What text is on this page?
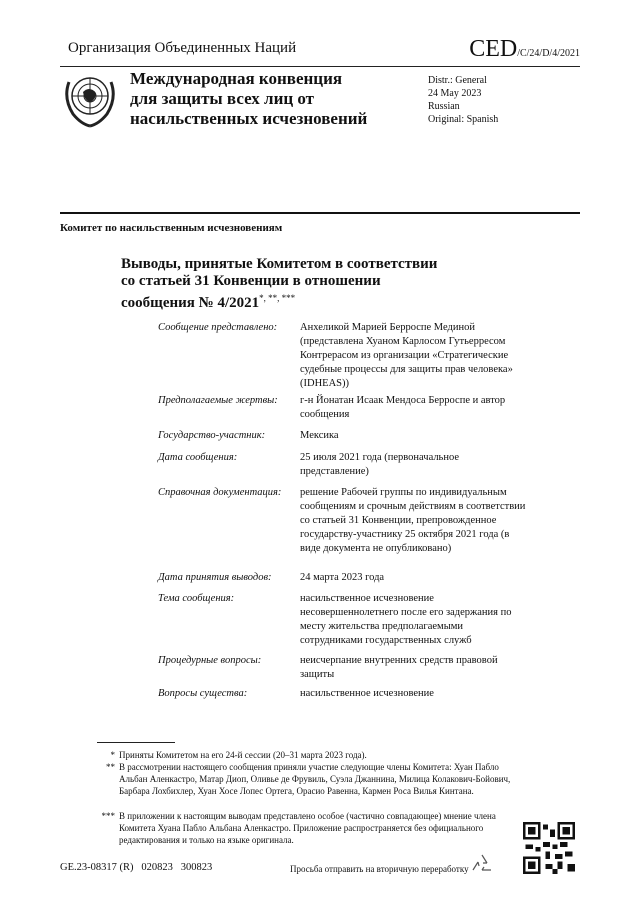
Организация Объединенных Наций	CED/C/24/D/4/2021
Международная конвенция
для защиты всех лиц от
насильственных исчезновений
Distr.: General
24 May 2023
Russian
Original: Spanish
Комитет по насильственным исчезновениям
Выводы, принятые Комитетом в соответствии
со статьей 31 Конвенции в отношении
сообщения № 4/2021*, **, ***
Сообщение представлено:	Анхеликой Марией Берроспе Мединой (представлена Хуаном Карлосом Гутьерресом Контрерасом из организации «Стратегические судебные процессы для защиты прав человека» (IDHEAS))
Предполагаемые жертвы:	г-н Йонатан Исаак Мендоса Берроспе и автор сообщения
Государство-участник:	Мексика
Дата сообщения:	25 июля 2021 года (первоначальное представление)
Справочная документация:	решение Рабочей группы по индивидуальным сообщениям и срочным действиям в соответствии со статьей 31 Конвенции, препровожденное государству-участнику 25 октября 2021 года (в виде документа не опубликовано)
Дата принятия выводов:	24 марта 2023 года
Тема сообщения:	насильственное исчезновение несовершеннолетнего после его задержания по месту жительства предполагаемыми сотрудниками государственных служб
Процедурные вопросы:	неисчерпание внутренних средств правовой защиты
Вопросы существа:	насильственное исчезновение
* Приняты Комитетом на его 24-й сессии (20–31 марта 2023 года).
** В рассмотрении настоящего сообщения приняли участие следующие члены Комитета: Хуан Пабло Альбан Аленкастро, Матар Диоп, Оливье де Фрувиль, Суэла Джаннина, Милица Колакович-Бойович, Барбара Лохбихлер, Хуан Хосе Лопес Ортега, Орасио Равенна, Кармен Роса Вилья Кинтана.
*** В приложении к настоящим выводам представлено особое (частично совпадающее) мнение члена Комитета Хуана Пабло Альбана Аленкастро. Приложение распространяется без официального редактирования и только на языке оригинала.
GE.23-08317 (R)   020823   300823	Просьба отправить на вторичную переработку
